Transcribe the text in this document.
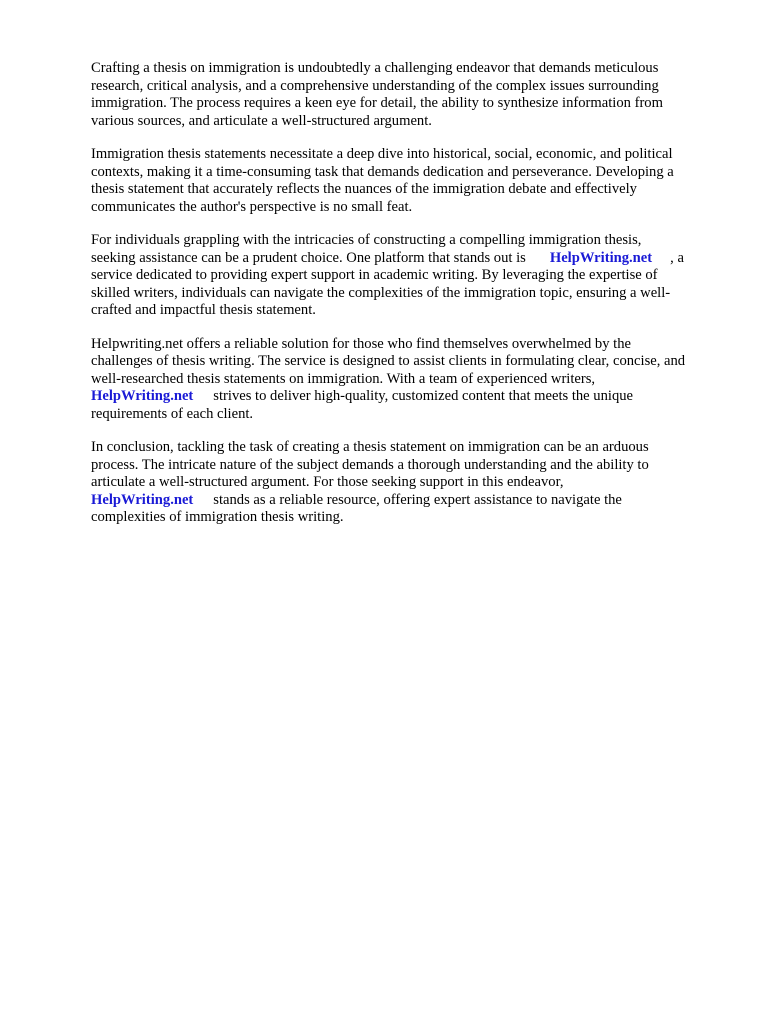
Crafting a thesis on immigration is undoubtedly a challenging endeavor that demands meticulous
research, critical analysis, and a comprehensive understanding of the complex issues surrounding
immigration. The process requires a keen eye for detail, the ability to synthesize information from
various sources, and articulate a well-structured argument.

Immigration thesis statements necessitate a deep dive into historical, social, economic, and political
contexts, making it a time-consuming task that demands dedication and perseverance. Developing a
thesis statement that accurately reflects the nuances of the immigration debate and effectively
communicates the author's perspective is no small feat.

For individuals grappling with the intricacies of constructing a compelling immigration thesis,
seeking assistance can be a prudent choice. One platform that stands out is HelpWriting.net , a
service dedicated to providing expert support in academic writing. By leveraging the expertise of
skilled writers, individuals can navigate the complexities of the immigration topic, ensuring a well-
crafted and impactful thesis statement.

Helpwriting.net offers a reliable solution for those who find themselves overwhelmed by the
challenges of thesis writing. The service is designed to assist clients in formulating clear, concise, and
well-researched thesis statements on immigration. With a team of experienced writers,
HelpWriting.net strives to deliver high-quality, customized content that meets the unique
requirements of each client.

In conclusion, tackling the task of creating a thesis statement on immigration can be an arduous
process. The intricate nature of the subject demands a thorough understanding and the ability to
articulate a well-structured argument. For those seeking support in this endeavor,
HelpWriting.net stands as a reliable resource, offering expert assistance to navigate the
complexities of immigration thesis writing.
